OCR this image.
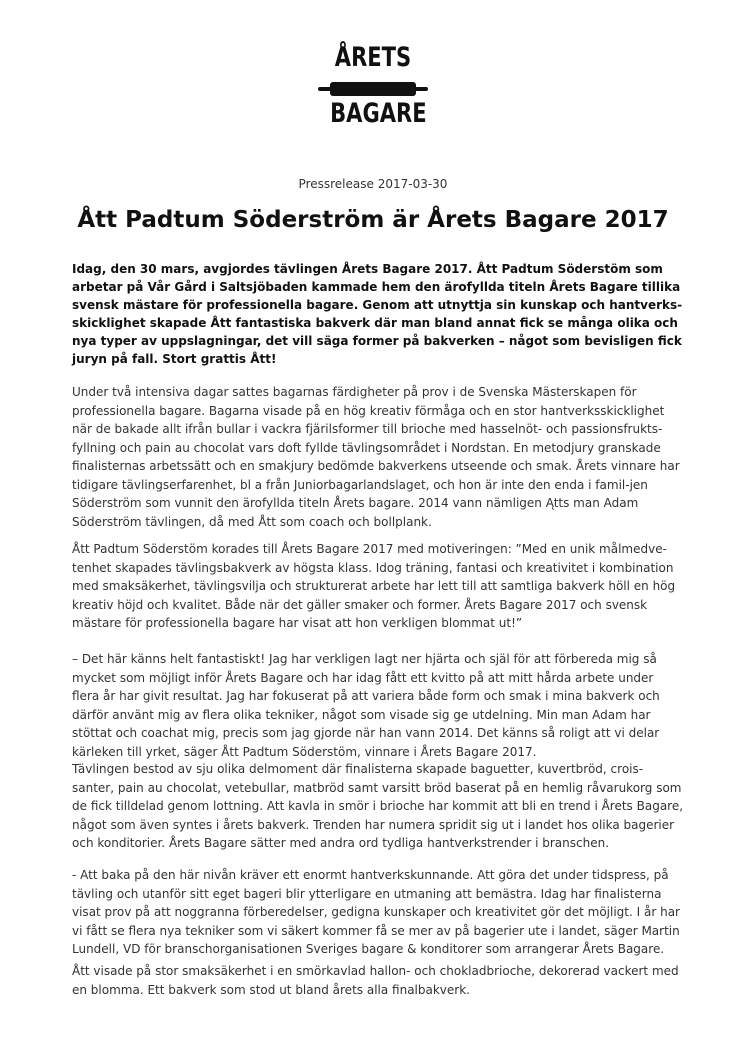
ÅRETS
BAGARE
Pressrelease 2017-03-30
Ått Padtum Söderström är Årets Bagare 2017

Idag, den 30 mars, avgjordes tävlingen Årets Bagare 2017. Ått Padtum Söderstöm som arbetar på Vår Gård i Saltsjöbaden kammade hem den ärofyllda titeln Årets Bagare tillika svensk mästare för professionella bagare. Genom att utnyttja sin kunskap och hantverks-skicklighet skapade Ått fantastiska bakverk där man bland annat fick se många olika och nya typer av uppslagningar, det vill säga former på bakverken – något som bevisligen fick juryn på fall. Stort grattis Ått!

Under två intensiva dagar sattes bagarnas färdigheter på prov i de Svenska Mästerskapen för professionella bagare. Bagarna visade på en hög kreativ förmåga och en stor hantverksskicklighet när de bakade allt ifrån bullar i vackra fjärilsformer till brioche med hasselnöt- och passionsfrukts-fyllning och pain au chocolat vars doft fyllde tävlingsområdet i Nordstan. En metodjury granskade finalisternas arbetssätt och en smakjury bedömde bakverkens utseende och smak. Årets vinnare har tidigare tävlingserfarenhet, bl a från Juniorbagarlandslaget, och hon är inte den enda i famil-jen Söderström som vunnit den ärofyllda titeln Årets bagare. 2014 vann nämligen Ątts man Adam Söderström tävlingen, då med Ått som coach och bollplank.

Ått Padtum Söderstöm korades till Årets Bagare 2017 med motiveringen: ”Med en unik målmedve-tenhet skapades tävlingsbakverk av högsta klass. Idog träning, fantasi och kreativitet i kombination med smaksäkerhet, tävlingsvilja och strukturerat arbete har lett till att samtliga bakverk höll en hög kreativ höjd och kvalitet. Både när det gäller smaker och former. Årets Bagare 2017 och svensk mästare för professionella bagare har visat att hon verkligen blommat ut!”

– Det här känns helt fantastiskt! Jag har verkligen lagt ner hjärta och själ för att förbereda mig så mycket som möjligt inför Årets Bagare och har idag fått ett kvitto på att mitt hårda arbete under flera år har givit resultat. Jag har fokuserat på att variera både form och smak i mina bakverk och därför använt mig av flera olika tekniker, något som visade sig ge utdelning. Min man Adam har stöttat och coachat mig, precis som jag gjorde när han vann 2014. Det känns så roligt att vi delar kärleken till yrket, säger Ått Padtum Söderstöm, vinnare i Årets Bagare 2017.

Tävlingen bestod av sju olika delmoment där finalisterna skapade baguetter, kuvertbröd, crois-santer, pain au chocolat, vetebullar, matbröd samt varsitt bröd baserat på en hemlig råvarukorg som de fick tilldelad genom lottning. Att kavla in smör i brioche har kommit att bli en trend i Årets Bagare, något som även syntes i årets bakverk. Trenden har numera spridit sig ut i landet hos olika bagerier och konditorier. Årets Bagare sätter med andra ord tydliga hantverkstrender i branschen.

- Att baka på den här nivån kräver ett enormt hantverkskunnande. Att göra det under tidspress, på tävling och utanför sitt eget bageri blir ytterligare en utmaning att bemästra. Idag har finalisterna visat prov på att noggranna förberedelser, gedigna kunskaper och kreativitet gör det möjligt. I år har vi fått se flera nya tekniker som vi säkert kommer få se mer av på bagerier ute i landet, säger Martin Lundell, VD för branschorganisationen Sveriges bagare & konditorer som arrangerar Årets Bagare.

Ått visade på stor smaksäkerhet i en smörkavlad hallon- och chokladbrioche, dekorerad vackert med en blomma. Ett bakverk som stod ut bland årets alla finalbakverk.
